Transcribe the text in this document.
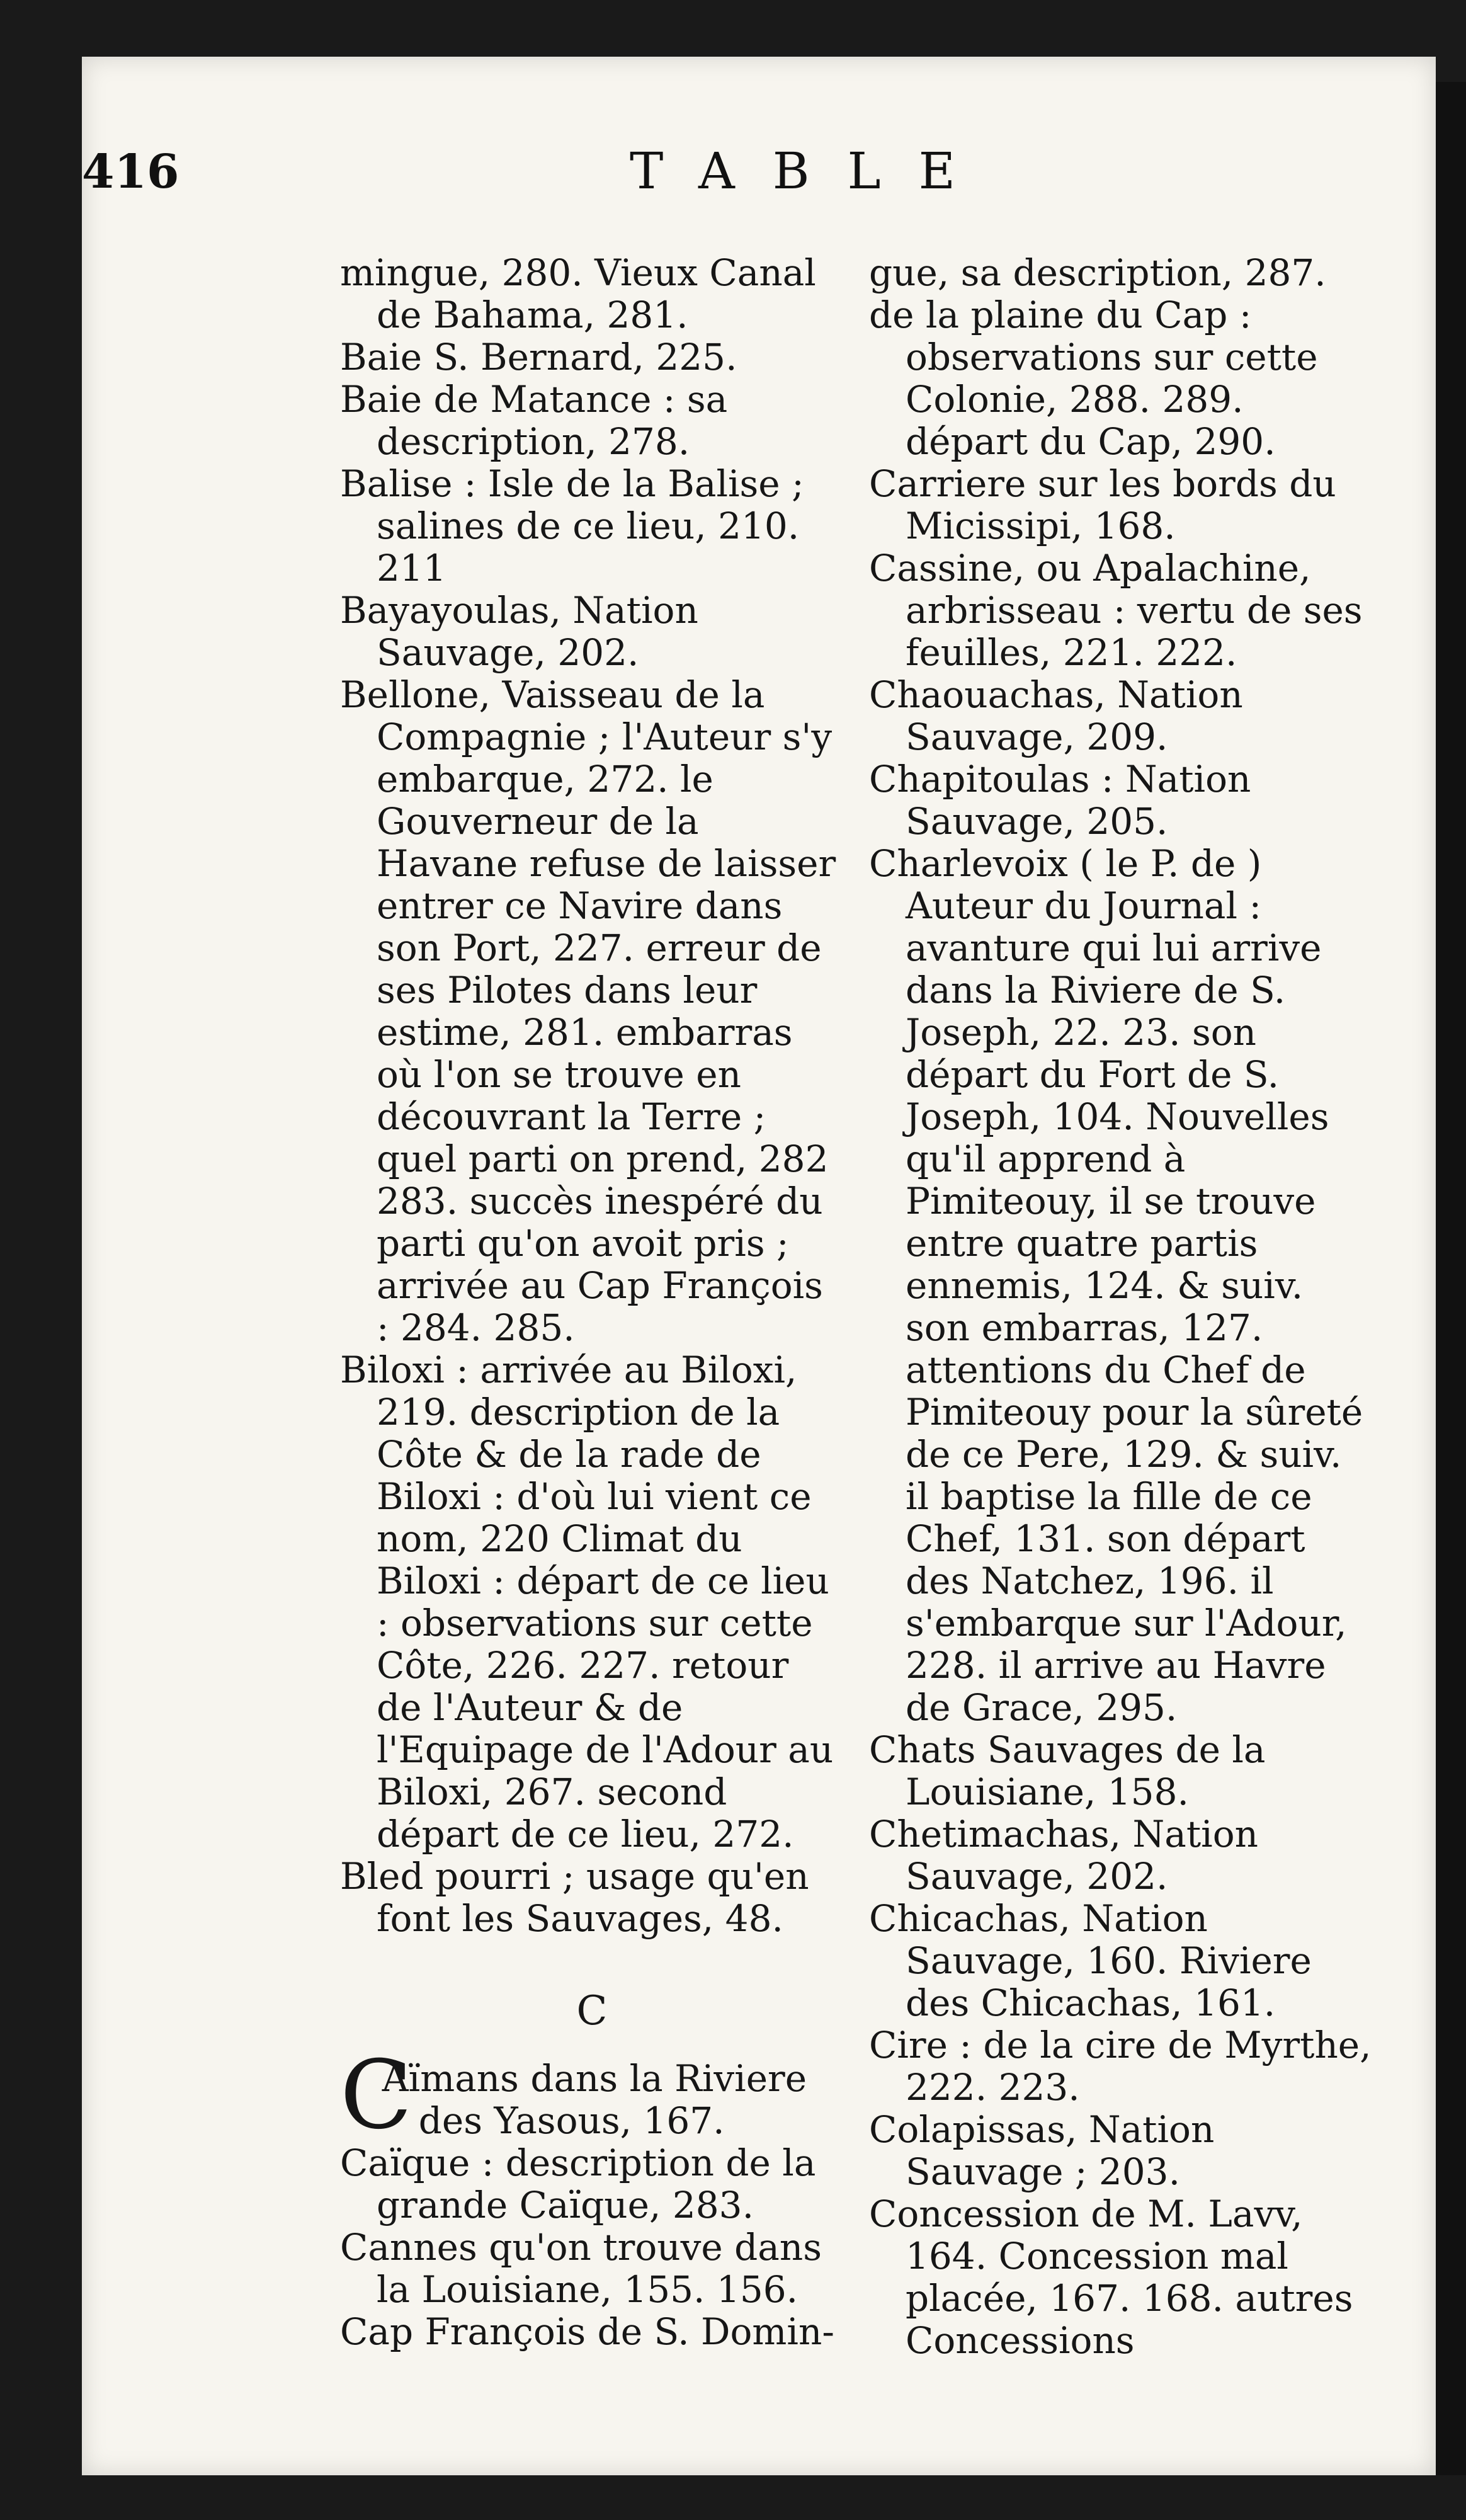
416	TABLE

mingue, 280. Vieux Canal de Bahama, 281.

Baie S. Bernard, 225.

Baie de Matance : sa description, 278.

Balise : Isle de la Balise ; salines de ce lieu, 210. 211

Bayayoulas, Nation Sauvage, 202.

Bellone, Vaisseau de la Compagnie ; l'Auteur s'y embarque, 272. le Gouverneur de la Havane refuse de laisser entrer ce Navire dans son Port, 227. erreur de ses Pilotes dans leur estime, 281. embarras où l'on se trouve en découvrant la Terre ; quel parti on prend, 282 283. succès inespéré du parti qu'on avoit pris ; arrivée au Cap François : 284. 285.

Biloxi : arrivée au Biloxi, 219. description de la Côte & de la rade de Biloxi : d'où lui vient ce nom, 220 Climat du Biloxi : départ de ce lieu : observations sur cette Côte, 226. 227. retour de l'Auteur & de l'Equipage de l'Adour au Biloxi, 267. second départ de ce lieu, 272.

Bled pourri ; usage qu'en font les Sauvages, 48.

C

C
Aïmans dans la Riviere des Yasous, 167.

Caïque : description de la grande Caïque, 283.

Cannes qu'on trouve dans la Louisiane, 155. 156.

Cap François de S. Domin-

gue, sa description, 287.

de la plaine du Cap : observations sur cette Colonie, 288. 289. départ du Cap, 290.

Carriere sur les bords du Micissipi, 168.

Cassine, ou Apalachine, arbrisseau : vertu de ses feuilles, 221. 222.

Chaouachas, Nation Sauvage, 209.

Chapitoulas : Nation Sauvage, 205.

Charlevoix ( le P. de ) Auteur du Journal : avanture qui lui arrive dans la Riviere de S. Joseph, 22. 23. son départ du Fort de S. Joseph, 104. Nouvelles qu'il apprend à Pimiteouy, il se trouve entre quatre partis ennemis, 124. & suiv. son embarras, 127. attentions du Chef de Pimiteouy pour la sûreté de ce Pere, 129. & suiv. il baptise la fille de ce Chef, 131. son départ des Natchez, 196. il s'embarque sur l'Adour, 228. il arrive au Havre de Grace, 295.

Chats Sauvages de la Louisiane, 158.

Chetimachas, Nation Sauvage, 202.

Chicachas, Nation Sauvage, 160. Riviere des Chicachas, 161.

Cire : de la cire de Myrthe, 222. 223.

Colapissas, Nation Sauvage ; 203.

Concession de M. Lavv, 164. Concession mal placée, 167. 168. autres Concessions
